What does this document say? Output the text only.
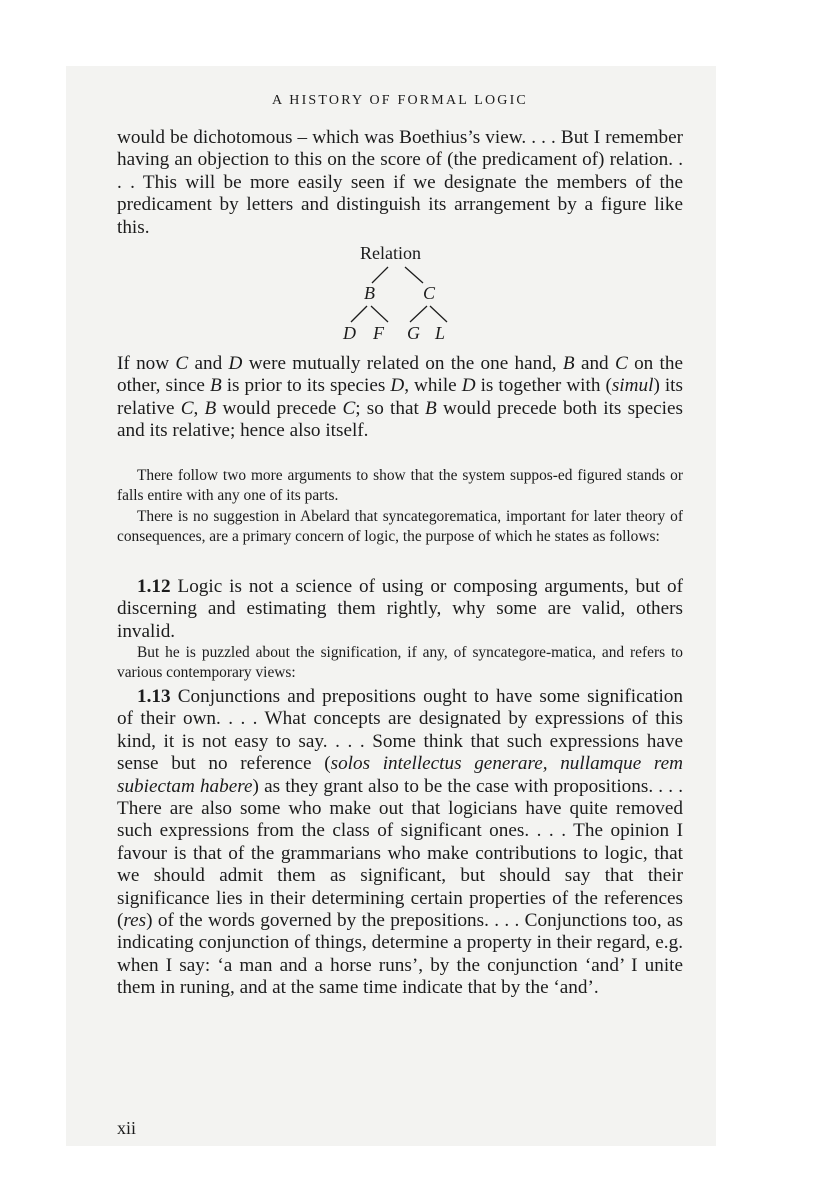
A HISTORY OF FORMAL LOGIC

would be dichotomous – which was Boethius’s view. . . . But I remember having an objection to this on the score of (the predicament of) relation. . . . This will be more easily seen if we designate the members of the predicament by letters and distinguish its arrangement by a figure like this.

Relation
B	C
D F G L

If now C and D were mutually related on the one hand, B and C on the other, since B is prior to its species D, while D is together with (simul) its relative C, B would precede C; so that B would precede both its species and its relative; hence also itself.

There follow two more arguments to show that the system suppos-ed figured stands or falls entire with any one of its parts.

There is no suggestion in Abelard that syncategorematica, important for later theory of consequences, are a primary concern of logic, the purpose of which he states as follows:

1.12 Logic is not a science of using or composing arguments, but of discerning and estimating them rightly, why some are valid, others invalid.

But he is puzzled about the signification, if any, of syncategore-matica, and refers to various contemporary views:

1.13 Conjunctions and prepositions ought to have some signification of their own. . . . What concepts are designated by expressions of this kind, it is not easy to say. . . . Some think that such expressions have sense but no reference (solos intellectus generare, nullamque rem subiectam habere) as they grant also to be the case with propositions. . . . There are also some who make out that logicians have quite removed such expressions from the class of significant ones. . . . The opinion I favour is that of the grammarians who make contributions to logic, that we should admit them as significant, but should say that their significance lies in their determining certain properties of the references (res) of the words governed by the prepositions. . . . Conjunctions too, as indicating conjunction of things, determine a property in their regard, e.g. when I say: ‘a man and a horse runs’, by the conjunction ‘and’ I unite them in runing, and at the same time indicate that by the ‘and’.

xii
